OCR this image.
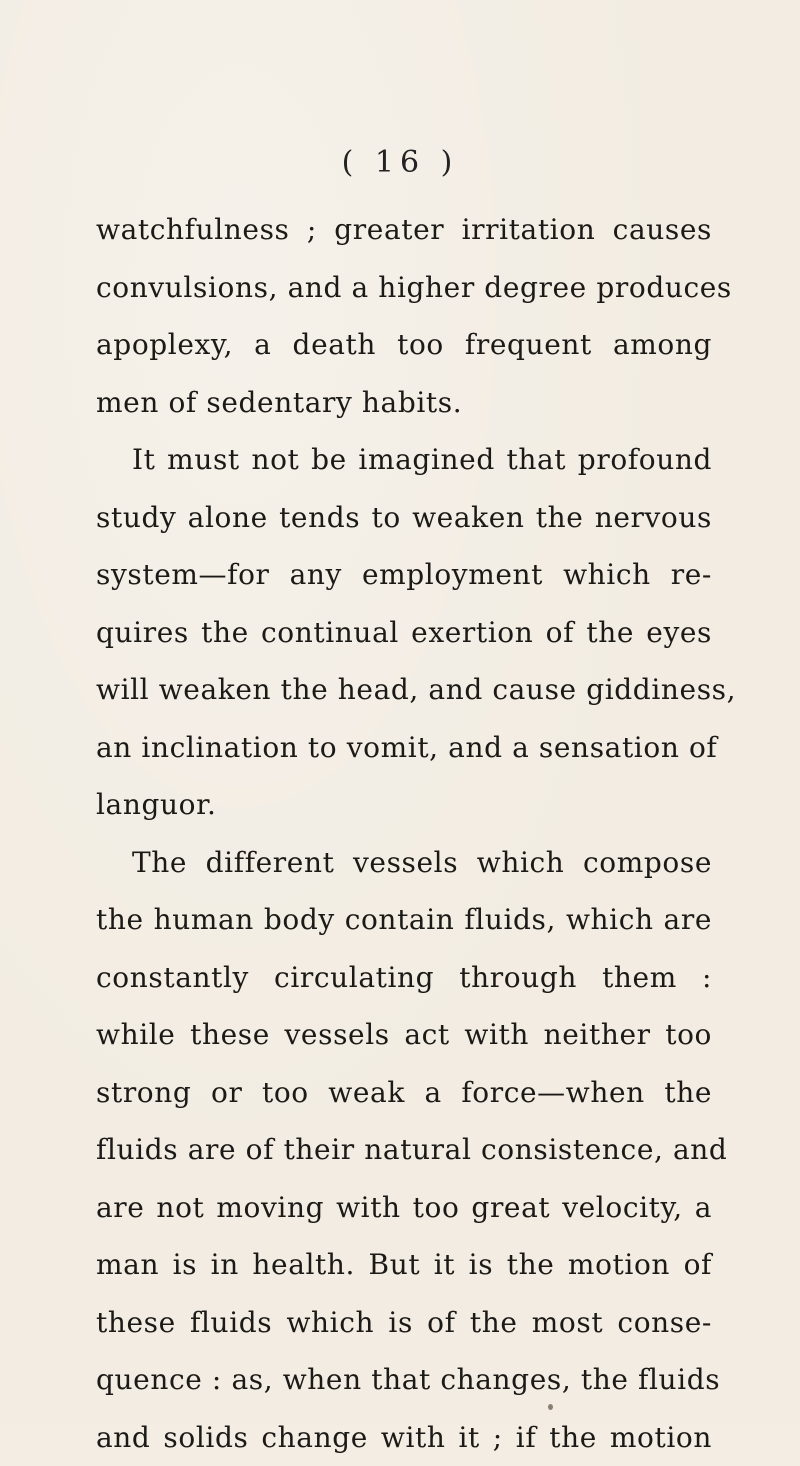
( 16 )
watchfulness ; greater irritation causes
convulsions, and a higher degree produces
apoplexy, a death too frequent among
men of sedentary habits.
It must not be imagined that profound
study alone tends to weaken the nervous
system—for any employment which re-
quires the continual exertion of the eyes
will weaken the head, and cause giddiness,
an inclination to vomit, and a sensation of
languor.
The different vessels which compose
the human body contain fluids, which are
constantly circulating through them :
while these vessels act with neither too
strong or too weak a force—when the
fluids are of their natural consistence, and
are not moving with too great velocity, a
man is in health. But it is the motion of
these fluids which is of the most conse-
quence : as, when that changes, the fluids
and solids change with it ; if the motion
